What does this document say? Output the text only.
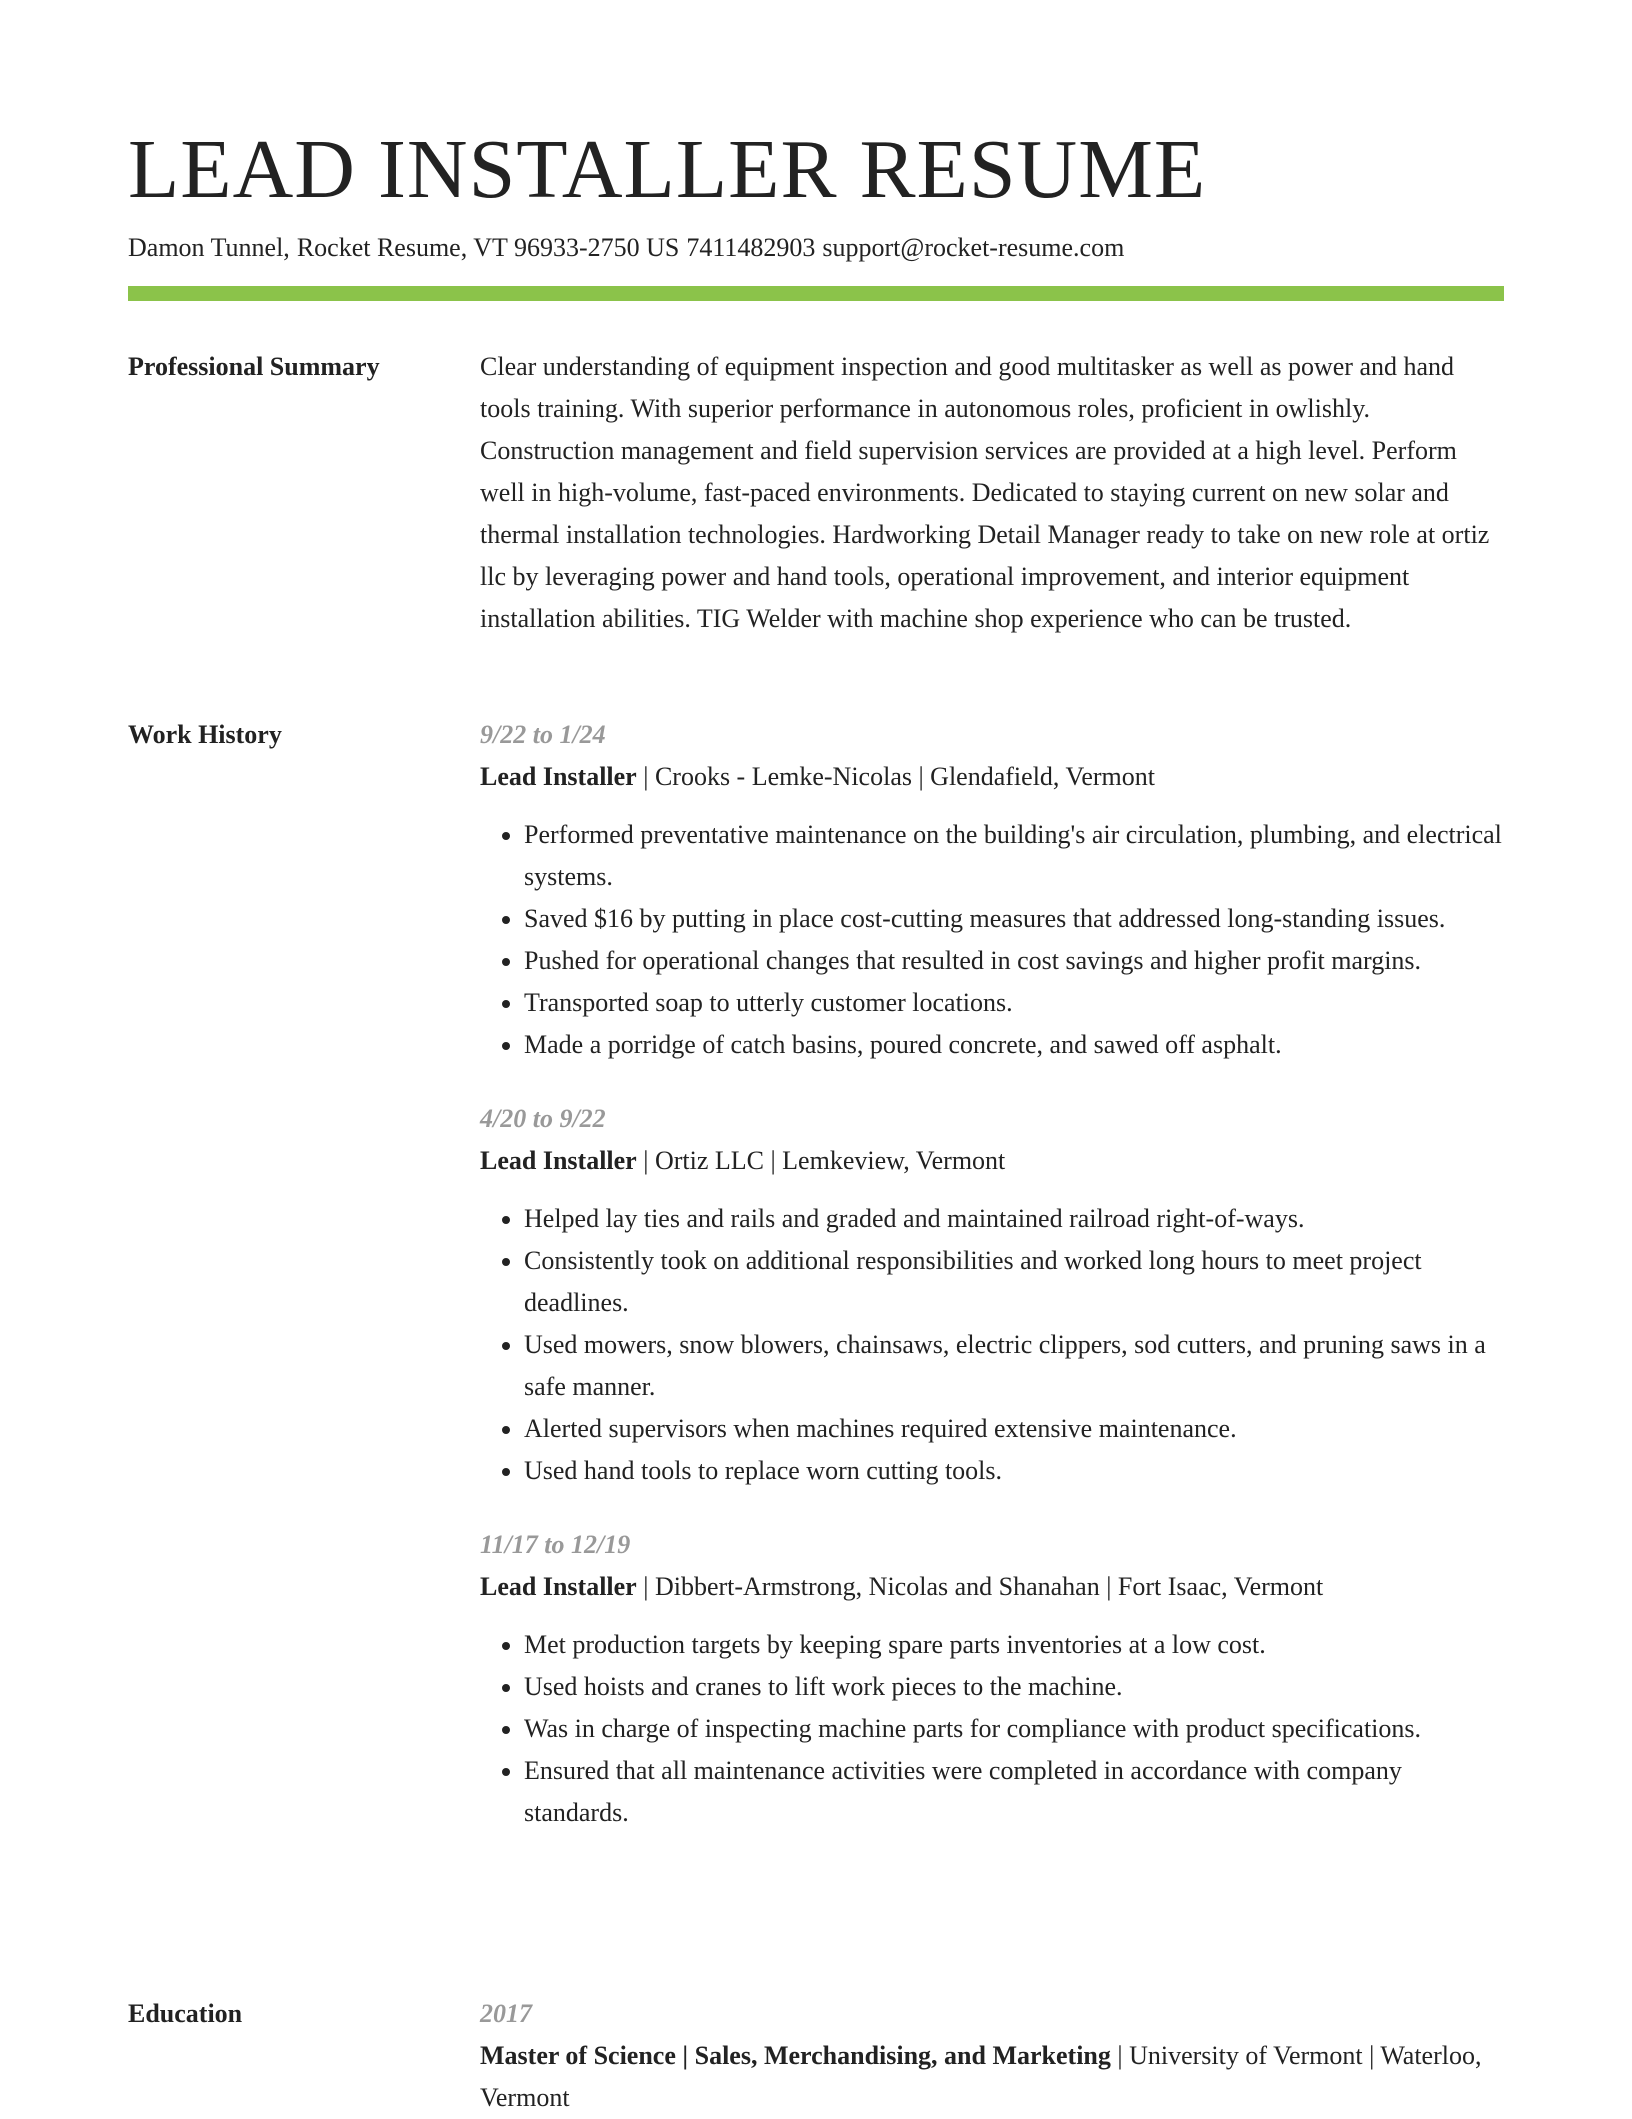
LEAD INSTALLER RESUME
Damon Tunnel, Rocket Resume, VT 96933-2750 US 7411482903 support@rocket-resume.com
Professional Summary	Clear understanding of equipment inspection and good multitasker as well as power and hand tools training. With superior performance in autonomous roles, proficient in owlishly. Construction management and field supervision services are provided at a high level. Perform well in high-volume, fast-paced environments. Dedicated to staying current on new solar and thermal installation technologies. Hardworking Detail Manager ready to take on new role at ortiz llc by leveraging power and hand tools, operational improvement, and interior equipment installation abilities. TIG Welder with machine shop experience who can be trusted.

Work History	9/22 to 1/24
Lead Installer | Crooks - Lemke-Nicolas | Glendafield, Vermont
• Performed preventative maintenance on the building's air circulation, plumbing, and electrical systems.
• Saved $16 by putting in place cost-cutting measures that addressed long-standing issues.
• Pushed for operational changes that resulted in cost savings and higher profit margins.
• Transported soap to utterly customer locations.
• Made a porridge of catch basins, poured concrete, and sawed off asphalt.
4/20 to 9/22
Lead Installer | Ortiz LLC | Lemkeview, Vermont
• Helped lay ties and rails and graded and maintained railroad right-of-ways.
• Consistently took on additional responsibilities and worked long hours to meet project deadlines.
• Used mowers, snow blowers, chainsaws, electric clippers, sod cutters, and pruning saws in a safe manner.
• Alerted supervisors when machines required extensive maintenance.
• Used hand tools to replace worn cutting tools.
11/17 to 12/19
Lead Installer | Dibbert-Armstrong, Nicolas and Shanahan | Fort Isaac, Vermont
• Met production targets by keeping spare parts inventories at a low cost.
• Used hoists and cranes to lift work pieces to the machine.
• Was in charge of inspecting machine parts for compliance with product specifications.
• Ensured that all maintenance activities were completed in accordance with company standards.
Education	2017
Master of Science | Sales, Merchandising, and Marketing | University of Vermont | Waterloo, Vermont
